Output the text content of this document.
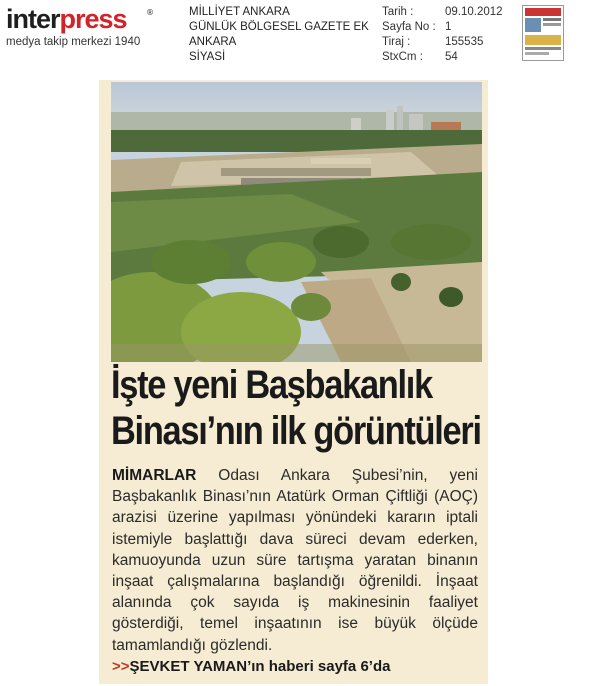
interpress ®
medya takip merkezi 1940
MİLLİYET ANKARA
GÜNLÜK BÖLGESEL GAZETE EK
ANKARA
SİYASİ
Tarih :	09.10.2012
Sayfa No : 1
Tiraj :	155535
StxCm :	54
İşte yeni Başbakanlık
Binası’nın ilk görüntüleri
MİMARLAR Odası Ankara Şubesi’nin, yeni Başbakanlık Binası’nın Atatürk Orman Çiftliği (AOÇ) arazisi üzerine yapılması yönündeki kararın iptali istemiyle başlattığı dava süreci devam ederken, kamuoyunda uzun süre tartışma yaratan binanın inşaat çalışmalarına başlandığı öğrenildi. İnşaat alanında çok sayıda iş makinesinin faaliyet gösterdiği, temel inşaatının ise büyük ölçüde tamamlandığı gözlendi.
>>ŞEVKET YAMAN’ın haberi sayfa 6’da
